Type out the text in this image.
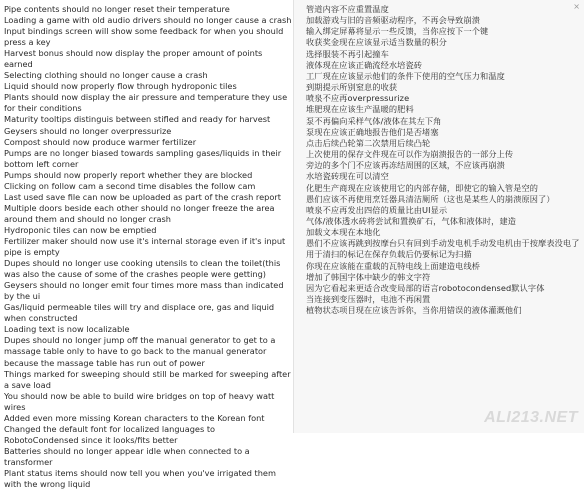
Pipe contents should no longer reset their temperature
Loading a game with old audio drivers should no longer cause a crash
Input bindings screen will show some feedback for when you should press a key
Harvest bonus should now display the proper amount of points earned
Selecting clothing should no longer cause a crash
Liquid should now properly flow through hydroponic tiles
Plants should now display the air pressure and temperature they use for their conditions
Maturity tooltips distinguis between stifled and ready for harvest
Geysers should no longer overpressurize
Compost should now produce warmer fertilizer
Pumps are no longer biased towards sampling gases/liquids in their bottom left corner
Pumps should now properly report whether they are blocked
Clicking on follow cam a second time disables the follow cam
Last used save file can now be uploaded as part of the crash report
Multiple doors beside each other should no longer freeze the area around them and should no longer crash
Hydroponic tiles can now be emptied
Fertilizer maker should now use it's internal storage even if it's input pipe is empty
Dupes should no longer use cooking utensils to clean the toilet(this was also the cause of some of the crashes people were getting)
Geysers should no longer emit four times more mass than indicated by the ui
Gas/liquid permeable tiles will try and displace ore, gas and liquid when constructed
Loading text is now localizable
Dupes should no longer jump off the manual generator to get to a massage table only to have to go back to the manual generator because the massage table has run out of power
Things marked for sweeping should still be marked for sweeping after a save load
You should now be able to build wire bridges on top of heavy watt wires
Added even more missing Korean characters to the Korean font
Changed the default font for localized languages to RobotoCondensed since it looks/fits better
Batteries should no longer appear idle when connected to a transformer
Plant status items should now tell you when you've irrigated them with the wrong liquid
管道内容不应重置温度
加载游戏与旧的音频驱动程序，不再会导致崩溃
输入绑定屏幕将显示一些反馈，当你应按下一个键
收获奖金现在应该显示适当数量的积分
选择服装不再引起撞车
液体现在应该正确流经水培瓷砖
工厂现在应该显示他们的条件下使用的空气压力和温度
到期提示所别窒息的收获
喷泉不应再overpressurize
堆肥现在应该生产温暖的肥料
泵不再偏向采样气体/液体在其左下角
泵现在应该正确地报告他们是否堵塞
点击后续凸轮第二次禁用后续凸轮
上次使用的保存文件现在可以作为崩溃报告的一部分上传
旁边的多个门不应该再冻结周围的区域，不应该再崩溃
水培瓷砖现在可以清空
化肥生产商现在应该使用它的内部存储，即使它的输入管是空的
愚们应该不再使用烹饪器具清洁厕所（这也是某些人的崩溃原因了）
喷泉不应再发出四倍的质量比由UI显示
气体/液体透水砖将尝试和置换矿石，气体和液体时，建造
加载文本现在本地化
愚们不应该再跳到按摩台只有回到手动发电机手动发电机由于按摩表没电了
用于清扫的标记在保存负载后仍要标记为扫描
你现在应该能在重载的瓦特电线上面建造电线桥
增加了韩国字体中缺少的韩文字符
因为它看起来更适合改变局部的语言robotocondensed默认字体
当连接到变压器时，电池不再闲置
植物状态项目现在应该告诉你，当你用错误的液体灌溉他们
×
ALI213.NET
